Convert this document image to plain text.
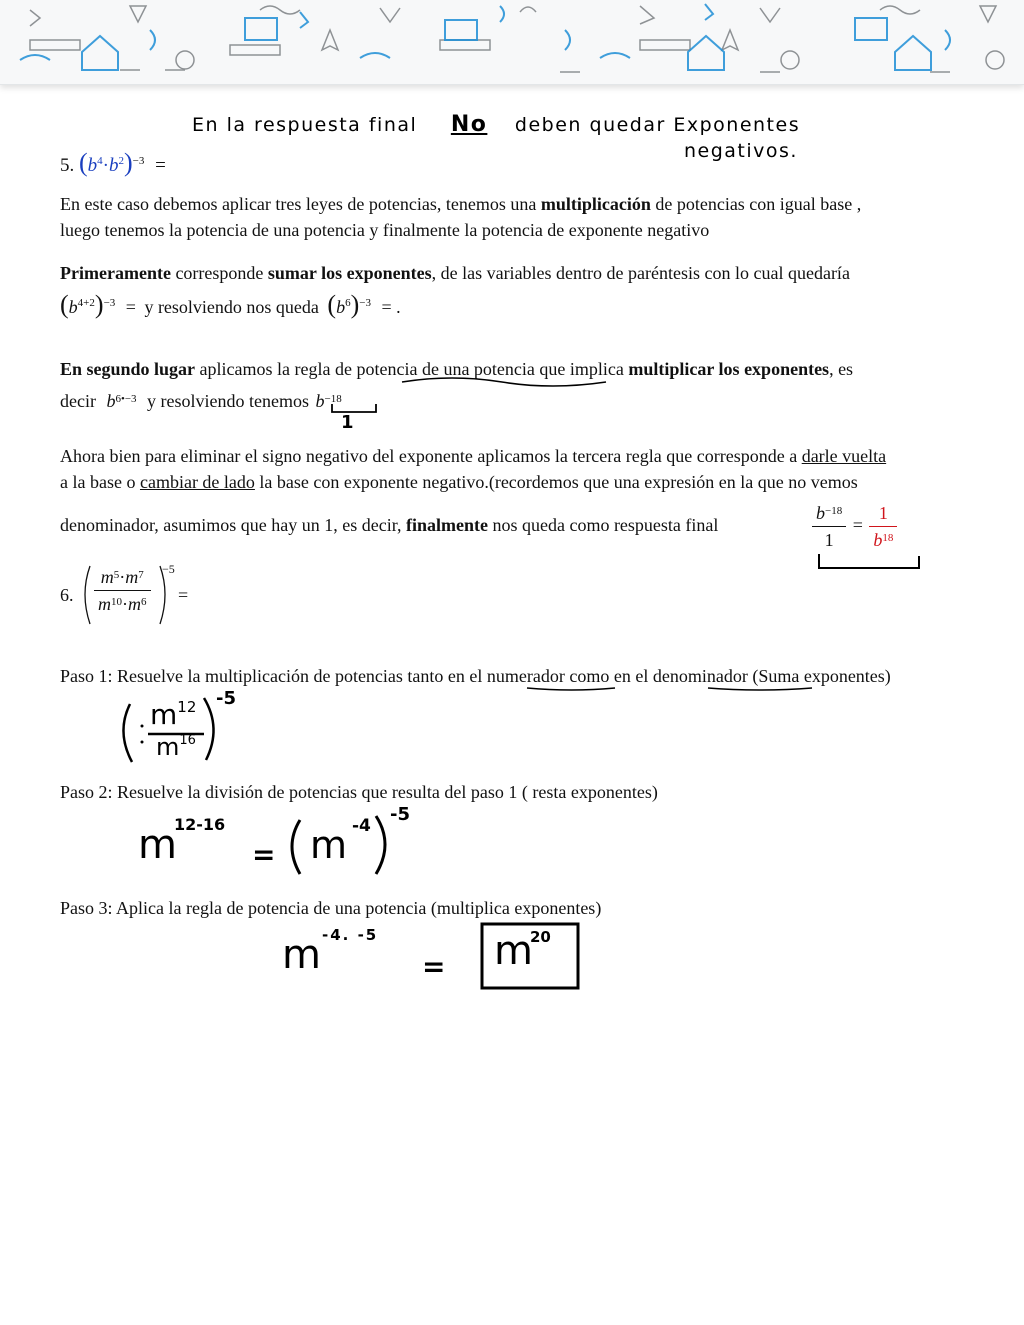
En la respuesta final No deben quedar Exponentes
negativos.
5. $(b^4\cdot b^2)^{-3}$ =
En este caso debemos aplicar tres leyes de potencias, tenemos una multiplicación de potencias con igual base ,
luego tenemos la potencia de una potencia y finalmente la potencia de exponente negativo
Primeramente corresponde sumar los exponentes, de las variables dentro de paréntesis con lo cual quedaría
$(b^{4+2})^{-3} = y$ resolviendo nos queda $(b^6)^{-3}$ = .
En segundo lugar aplicamos la regla de potencia de una potencia que implica multiplicar los exponentes, es
decir $b^{6•-3}$ y resolviendo tenemos $b^{-18}$
1
Ahora bien para eliminar el signo negativo del exponente aplicamos la tercera regla que corresponde a darle vuelta
a la base o cambiar de lado la base con exponente negativo.(recordemos que una expresión en la que no vemos
denominador, asumimos que hay un 1, es decir, finalmente nos queda como respuesta final	$\frac{b^{-18}}{1} = \frac{1}{b^{18}}$
6. $\frac{m^5\cdot m^7}{m^{10}\cdot m^6} -5$
=
Paso 1: Resuelve la multiplicación de potencias tanto en el numerador como en el denominador (Suma exponentes)
$m^{12}$
$m^{16}$
-5
Paso 2: Resuelve la división de potencias que resulta del paso 1 ( resta exponentes)
m
12-16
= m -4
-5
Paso 3: Aplica la regla de potencia de una potencia (multiplica exponentes)
m -4. -5
= m
20
